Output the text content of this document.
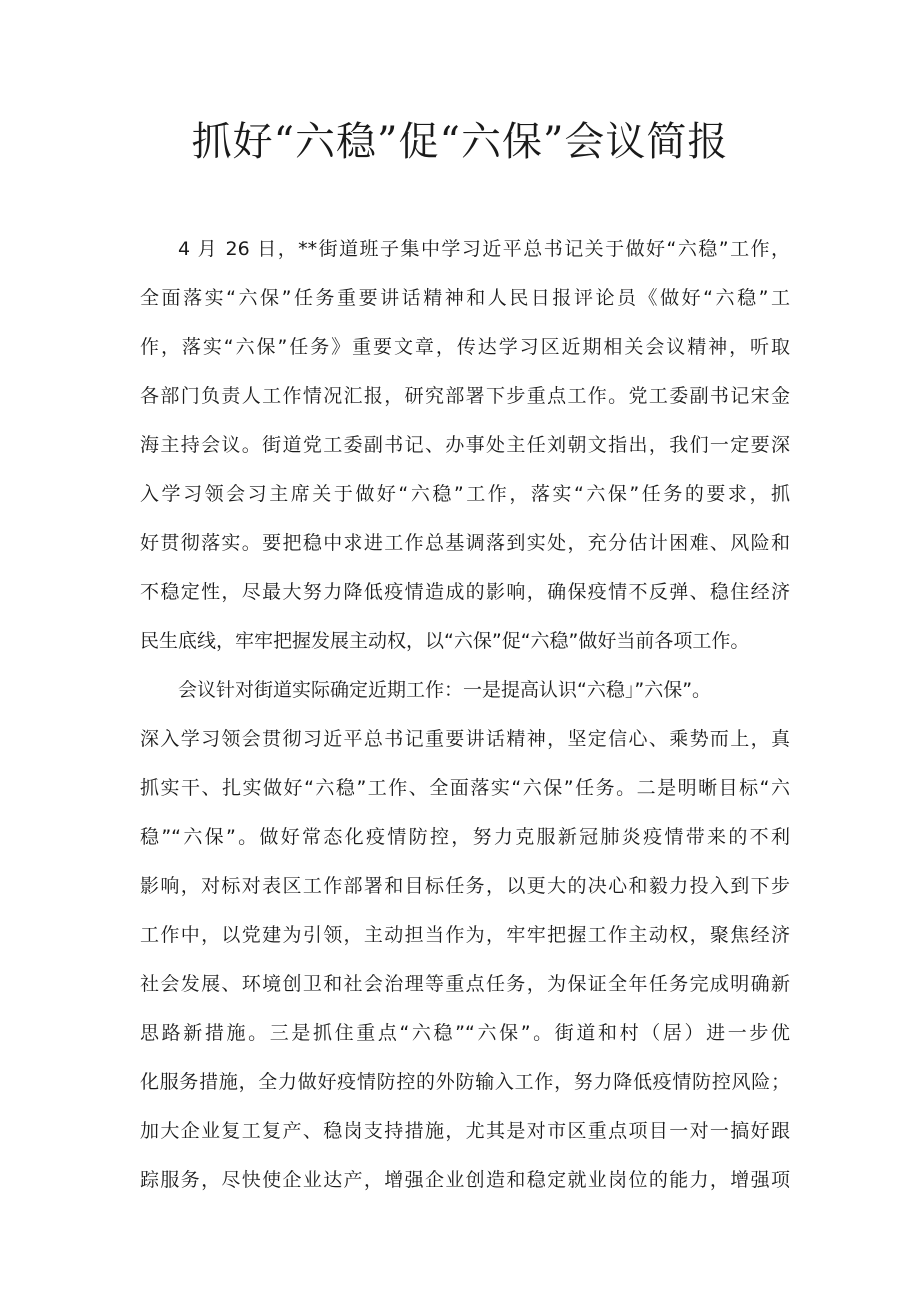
抓好“六稳”促“六保”会议简报
4 月 26 日，**街道班子集中学习近平总书记关于做好“六稳”工作，
全面落实“六保”任务重要讲话精神和人民日报评论员《做好“六稳”工
作，落实“六保”任务》重要文章，传达学习区近期相关会议精神，听取
各部门负责人工作情况汇报，研究部署下步重点工作。党工委副书记宋金
海主持会议。街道党工委副书记、办事处主任刘朝文指出，我们一定要深
入学习领会习主席关于做好“六稳”工作，落实“六保”任务的要求，抓
好贯彻落实。要把稳中求进工作总基调落到实处，充分估计困难、风险和
不稳定性，尽最大努力降低疫情造成的影响，确保疫情不反弹、稳住经济
民生底线，牢牢把握发展主动权，以“六保”促“六稳”做好当前各项工作。
会议针对街道实际确定近期工作：一是提高认识“六稳」”六保”。
深入学习领会贯彻习近平总书记重要讲话精神，坚定信心、乘势而上，真
抓实干、扎实做好“六稳”工作、全面落实“六保”任务。二是明晰目标“六
稳”“六保”。做好常态化疫情防控，努力克服新冠肺炎疫情带来的不利
影响，对标对表区工作部署和目标任务，以更大的决心和毅力投入到下步
工作中，以党建为引领，主动担当作为，牢牢把握工作主动权，聚焦经济
社会发展、环境创卫和社会治理等重点任务，为保证全年任务完成明确新
思路新措施。三是抓住重点“六稳”“六保”。街道和村（居）进一步优
化服务措施，全力做好疫情防控的外防输入工作，努力降低疫情防控风险；
加大企业复工复产、稳岗支持措施，尤其是对市区重点项目一对一搞好跟
踪服务，尽快使企业达产，增强企业创造和稳定就业岗位的能力，增强项
